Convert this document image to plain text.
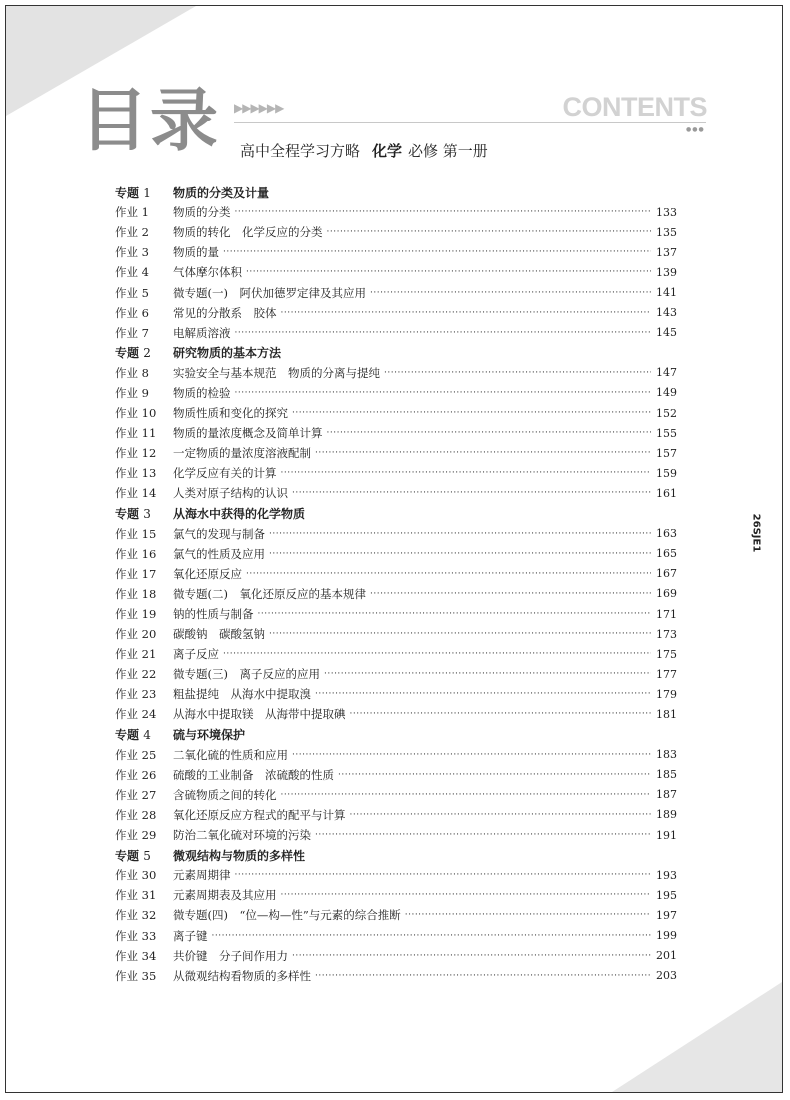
目录 ▶▶▶▶▶▶	CONTENTS
●●●
高中全程学习方略 化学 必修 第一册
26SJE1
专题 1	物质的分类及计量
作业 1	物质的分类 ·····	133
作业 2	物质的转化　化学反应的分类 ·····	135
作业 3	物质的量 ·····	137
作业 4	气体摩尔体积 ·····	139
作业 5	微专题(一)　阿伏加德罗定律及其应用 ·····	141
作业 6	常见的分散系　胶体 ·····	143
作业 7	电解质溶液 ·····	145
专题 2	研究物质的基本方法
作业 8	实验安全与基本规范　物质的分离与提纯 ·····	147
作业 9	物质的检验 ·····	149
作业 10	物质性质和变化的探究 ·····	152
作业 11	物质的量浓度概念及简单计算 ·····	155
作业 12	一定物质的量浓度溶液配制 ·····	157
作业 13	化学反应有关的计算 ·····	159
作业 14	人类对原子结构的认识 ·····	161
专题 3	从海水中获得的化学物质
作业 15	氯气的发现与制备 ·····	163
作业 16	氯气的性质及应用 ·····	165
作业 17	氧化还原反应 ·····	167
作业 18	微专题(二)　氧化还原反应的基本规律 ·····	169
作业 19	钠的性质与制备 ·····	171
作业 20	碳酸钠　碳酸氢钠 ·····	173
作业 21	离子反应 ·····	175
作业 22	微专题(三)　离子反应的应用 ·····	177
作业 23	粗盐提纯　从海水中提取溴 ·····	179
作业 24	从海水中提取镁　从海带中提取碘 ·····	181
专题 4	硫与环境保护
作业 25	二氧化硫的性质和应用 ·····	183
作业 26	硫酸的工业制备　浓硫酸的性质 ·····	185
作业 27	含硫物质之间的转化 ·····	187
作业 28	氧化还原反应方程式的配平与计算 ·····	189
作业 29	防治二氧化硫对环境的污染 ·····	191
专题 5	微观结构与物质的多样性
作业 30	元素周期律 ·····	193
作业 31	元素周期表及其应用 ·····	195
作业 32	微专题(四)　“位—构—性”与元素的综合推断 ·····	197
作业 33	离子键 ·····	199
作业 34	共价键　分子间作用力 ·····	201
作业 35	从微观结构看物质的多样性 ·····	203
